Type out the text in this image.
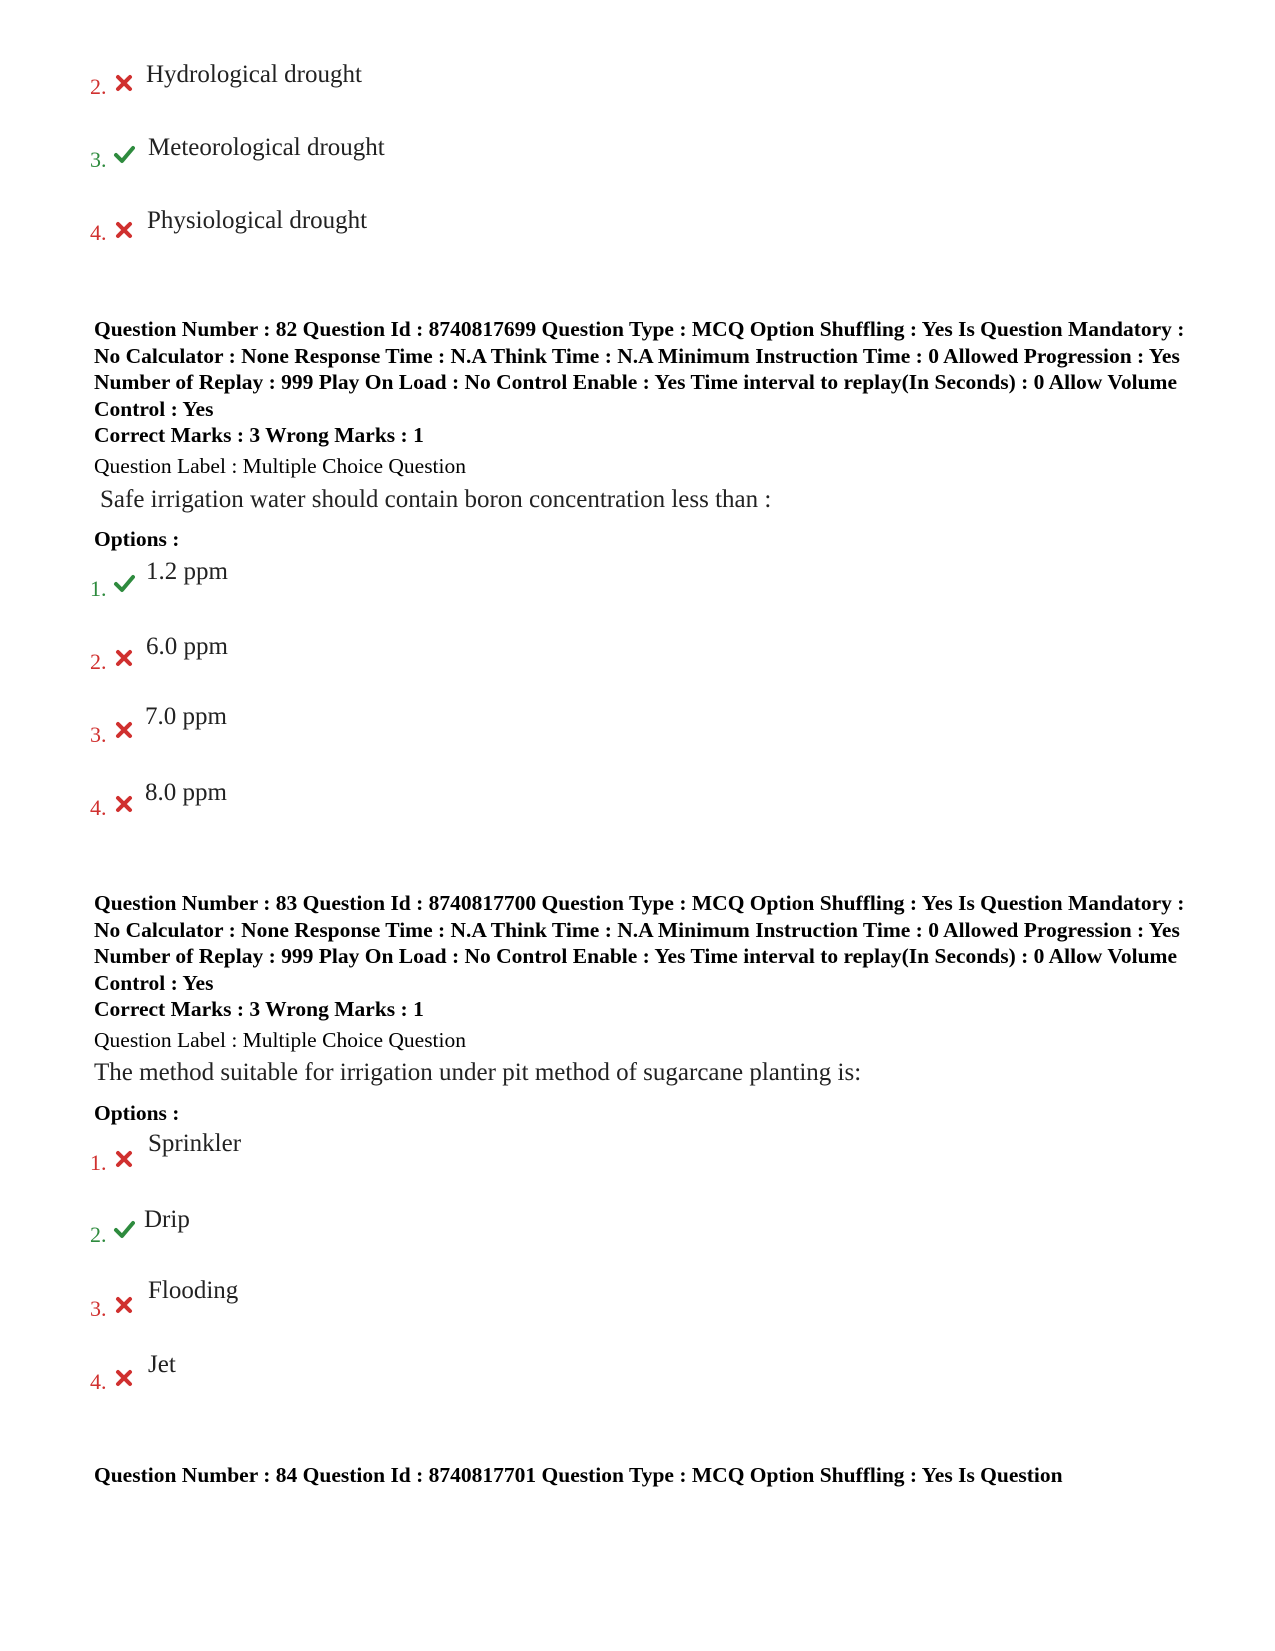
2. Hydrological drought
3. Meteorological drought
4. Physiological drought
Question Number : 82 Question Id : 8740817699 Question Type : MCQ Option Shuffling : Yes Is Question Mandatory : No Calculator : None Response Time : N.A Think Time : N.A Minimum Instruction Time : 0 Allowed Progression : Yes Number of Replay : 999 Play On Load : No Control Enable : Yes Time interval to replay(In Seconds) : 0 Allow Volume Control : Yes
Correct Marks : 3 Wrong Marks : 1
Question Label : Multiple Choice Question
Safe irrigation water should contain boron concentration less than :
Options :
1.
1.2 ppm
2.
6.0 ppm
3.
7.0 ppm
4.
8.0 ppm
Question Number : 83 Question Id : 8740817700 Question Type : MCQ Option Shuffling : Yes Is Question Mandatory : No Calculator : None Response Time : N.A Think Time : N.A Minimum Instruction Time : 0 Allowed Progression : Yes Number of Replay : 999 Play On Load : No Control Enable : Yes Time interval to replay(In Seconds) : 0 Allow Volume Control : Yes
Correct Marks : 3 Wrong Marks : 1
Question Label : Multiple Choice Question
The method suitable for irrigation under pit method of sugarcane planting is:
Options :
1.
Sprinkler
2.
Drip
3.
Flooding
4.
Jet
Question Number : 84 Question Id : 8740817701 Question Type : MCQ Option Shuffling : Yes Is Question
